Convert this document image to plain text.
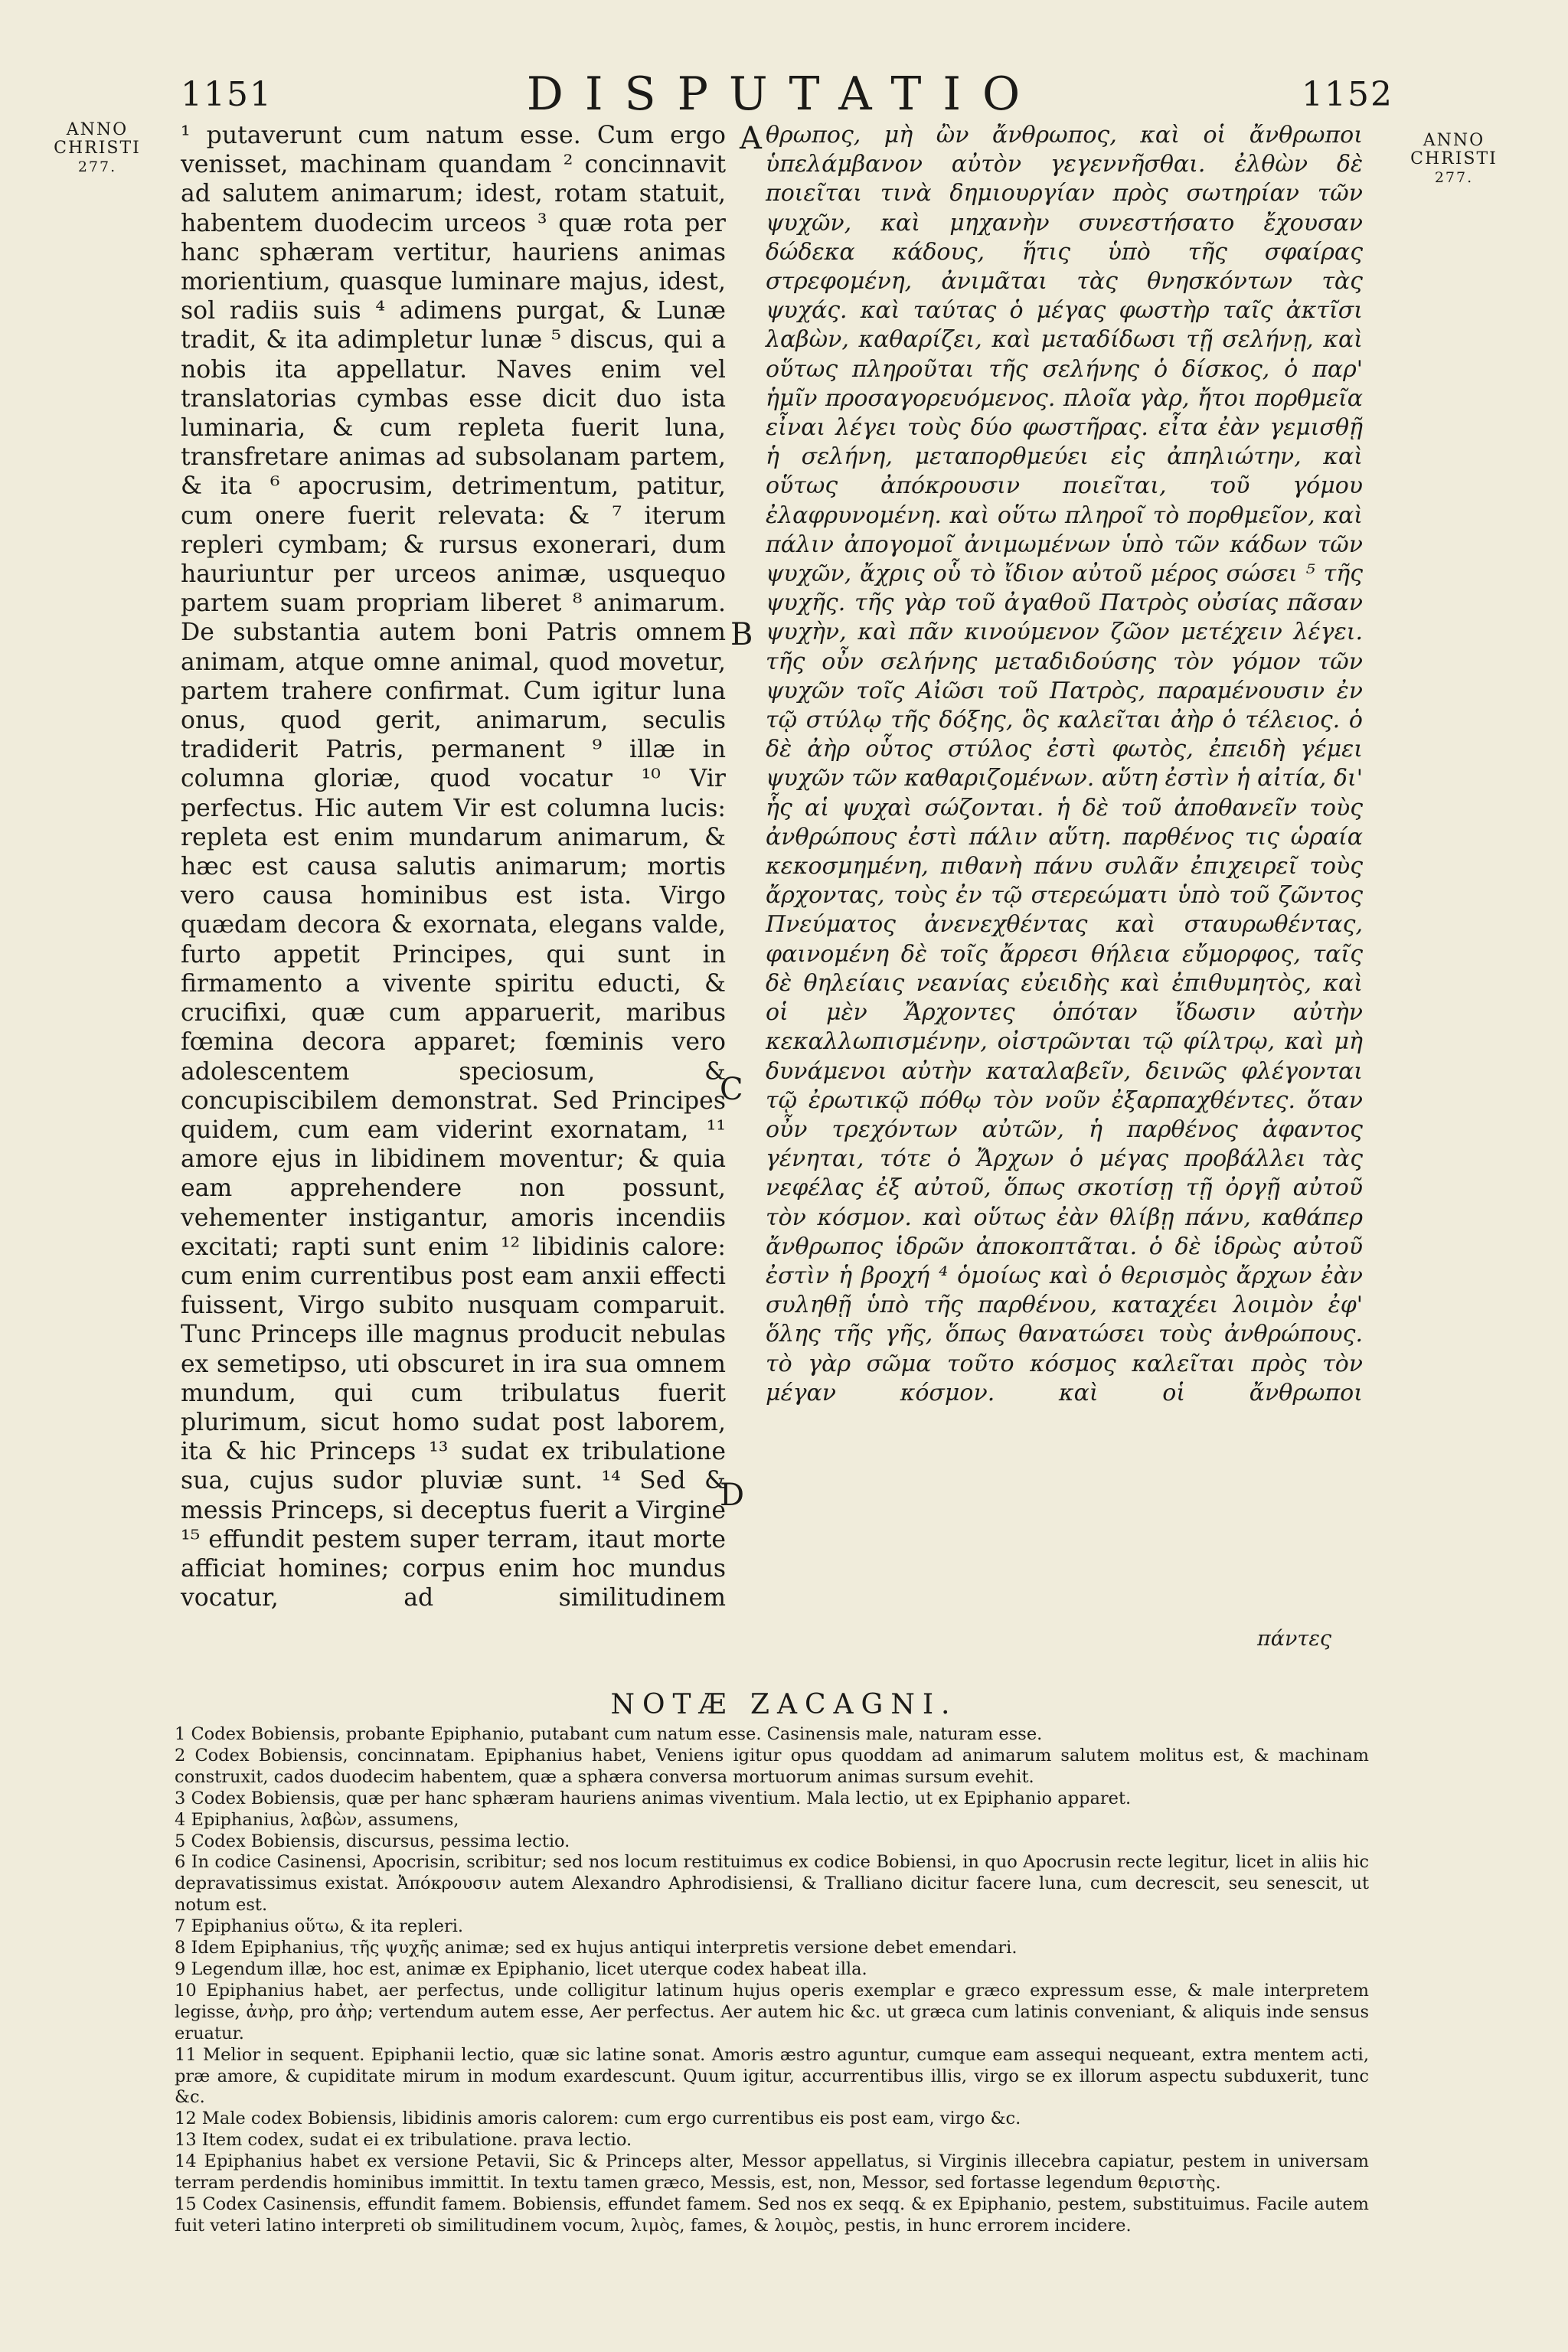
1151	DISPUTATIO	1152
ANNO
CHRISTI
277.
ANNO
CHRISTI
277.

¹ putaverunt cum natum esse. Cum ergo venisset, machinam quandam ² concinnavit ad salutem animarum; idest, rotam statuit, habentem duodecim urceos ³ quæ rota per hanc sphæram vertitur, hauriens animas morientium, quasque luminare majus, idest, sol radiis suis ⁴ adimens purgat, & Lunæ tradit, & ita adimpletur lunæ ⁵ discus, qui a nobis ita appellatur. Naves enim vel translatorias cymbas esse dicit duo ista luminaria, & cum repleta fuerit luna, transfretare animas ad subsolanam partem, & ita ⁶ apocrusim, detrimentum, patitur, cum onere fuerit relevata: & ⁷ iterum repleri cymbam; & rursus exonerari, dum hauriuntur per urceos animæ, usquequo partem suam propriam liberet ⁸ animarum. De substantia autem boni Patris omnem animam, atque omne animal, quod movetur, partem trahere confirmat. Cum igitur luna onus, quod gerit, animarum, seculis tradiderit Patris, permanent ⁹ illæ in columna gloriæ, quod vocatur ¹⁰ Vir perfectus. Hic autem Vir est columna lucis: repleta est enim mundarum animarum, & hæc est causa salutis animarum; mortis vero causa hominibus est ista. Virgo quædam decora & exornata, elegans valde, furto appetit Principes, qui sunt in firmamento a vivente spiritu educti, & crucifixi, quæ cum apparuerit, maribus fœmina decora apparet; fœminis vero adolescentem speciosum, & concupiscibilem demonstrat. Sed Principes quidem, cum eam viderint exornatam, ¹¹ amore ejus in libidinem moventur; & quia eam apprehendere non possunt, vehementer instigantur, amoris incendiis excitati; rapti sunt enim ¹² libidinis calore: cum enim currentibus post eam anxii effecti fuissent, Virgo subito nusquam comparuit. Tunc Princeps ille magnus producit nebulas ex semetipso, uti obscuret in ira sua omnem mundum, qui cum tribulatus fuerit plurimum, sicut homo sudat post laborem, ita & hic Princeps ¹³ sudat ex tribulatione sua, cujus sudor pluviæ sunt. ¹⁴ Sed & messis Princeps, si deceptus fuerit a Virgine ¹⁵ effundit pestem super terram, itaut morte afficiat homines; corpus enim hoc mundus vocatur, ad similitudinem

A
B
C
D

θρωπος, μὴ ὢν ἄνθρωπος, καὶ οἱ ἄνθρωποι ὑπελάμβανον αὐτὸν γεγεννῆσθαι. ἐλθὼν δὲ ποιεῖται τινὰ δημιουργίαν πρὸς σωτηρίαν τῶν ψυχῶν, καὶ μηχανὴν συνεστήσατο ἔχουσαν δώδεκα κάδους, ἥτις ὑπὸ τῆς σφαίρας στρεφομένη, ἀνιμᾶται τὰς θνησκόντων τὰς ψυχάς. καὶ ταύτας ὁ μέγας φωστὴρ ταῖς ἀκτῖσι λαβὼν, καθαρίζει, καὶ μεταδίδωσι τῇ σελήνῃ, καὶ οὕτως πληροῦται τῆς σελήνης ὁ δίσκος, ὁ παρ' ἡμῖν προσαγορευόμενος. πλοῖα γὰρ, ἤτοι πορθμεῖα εἶναι λέγει τοὺς δύο φωστῆρας. εἶτα ἐὰν γεμισθῇ ἡ σελήνη, μεταπορθμεύει εἰς ἀπηλιώτην, καὶ οὕτως ἀπόκρουσιν ποιεῖται, τοῦ γόμου ἐλαφρυνομένη. καὶ οὕτω πληροῖ τὸ πορθμεῖον, καὶ πάλιν ἀπογομοῖ ἀνιμωμένων ὑπὸ τῶν κάδων τῶν ψυχῶν, ἄχρις οὗ τὸ ἴδιον αὐτοῦ μέρος σώσει ⁵ τῆς ψυχῆς. τῆς γὰρ τοῦ ἀγαθοῦ Πατρὸς οὐσίας πᾶσαν ψυχὴν, καὶ πᾶν κινούμενον ζῶον μετέχειν λέγει. τῆς οὖν σελήνης μεταδιδούσης τὸν γόμον τῶν ψυχῶν τοῖς Αἰῶσι τοῦ Πατρὸς, παραμένουσιν ἐν τῷ στύλῳ τῆς δόξης, ὃς καλεῖται ἀὴρ ὁ τέλειος. ὁ δὲ ἀὴρ οὗτος στύλος ἐστὶ φωτὸς, ἐπειδὴ γέμει ψυχῶν τῶν καθαριζομένων. αὕτη ἐστὶν ἡ αἰτία, δι' ἧς αἱ ψυχαὶ σώζονται. ἡ δὲ τοῦ ἀποθανεῖν τοὺς ἀνθρώπους ἐστὶ πάλιν αὕτη. παρθένος τις ὡραία κεκοσμημένη, πιθανὴ πάνυ συλᾶν ἐπιχειρεῖ τοὺς ἄρχοντας, τοὺς ἐν τῷ στερεώματι ὑπὸ τοῦ ζῶντος Πνεύματος ἀνενεχθέντας καὶ σταυρωθέντας, φαινομένη δὲ τοῖς ἄρρεσι θήλεια εὔμορφος, ταῖς δὲ θηλείαις νεανίας εὐειδὴς καὶ ἐπιθυμητὸς, καὶ οἱ μὲν Ἄρχοντες ὁπόταν ἴδωσιν αὐτὴν κεκαλλωπισμένην, οἰστρῶνται τῷ φίλτρῳ, καὶ μὴ δυνάμενοι αὐτὴν καταλαβεῖν, δεινῶς φλέγονται τῷ ἐρωτικῷ πόθῳ τὸν νοῦν ἐξαρπαχθέντες. ὅταν οὖν τρεχόντων αὐτῶν, ἡ παρθένος ἀφαντος γένηται, τότε ὁ Ἄρχων ὁ μέγας προβάλλει τὰς νεφέλας ἐξ αὐτοῦ, ὅπως σκοτίσῃ τῇ ὀργῇ αὐτοῦ τὸν κόσμον. καὶ οὕτως ἐὰν θλίβῃ πάνυ, καθάπερ ἄνθρωπος ἱδρῶν ἀποκοπτᾶται. ὁ δὲ ἱδρὼς αὐτοῦ ἐστὶν ἡ βροχή ⁴ ὁμοίως καὶ ὁ θερισμὸς ἄρχων ἐὰν συληθῇ ὑπὸ τῆς παρθένου, καταχέει λοιμὸν ἐφ' ὅλης τῆς γῆς, ὅπως θανατώσει τοὺς ἀνθρώπους. τὸ γὰρ σῶμα τοῦτο κόσμος καλεῖται πρὸς τὸν μέγαν κόσμον. καὶ οἱ ἄνθρωποι

πάντες
NOTÆ ZACAGNI.

1 Codex Bobiensis, probante Epiphanio, putabant cum natum esse. Casinensis male, naturam esse.

2 Codex Bobiensis, concinnatam. Epiphanius habet, Veniens igitur opus quoddam ad animarum salutem molitus est, & machinam construxit, cados duodecim habentem, quæ a sphæra conversa mortuorum animas sursum evehit.

3 Codex Bobiensis, quæ per hanc sphæram hauriens animas viventium. Mala lectio, ut ex Epiphanio apparet.

4 Epiphanius, λαβὼν, assumens,

5 Codex Bobiensis, discursus, pessima lectio.

6 In codice Casinensi, Apocrisin, scribitur; sed nos locum restituimus ex codice Bobiensi, in quo Apocrusin recte legitur, licet in aliis hic depravatissimus existat. Ἀπόκρουσιν autem Alexandro Aphrodisiensi, & Tralliano dicitur facere luna, cum decrescit, seu senescit, ut notum est.

7 Epiphanius οὕτω, & ita repleri.

8 Idem Epiphanius, τῆς ψυχῆς animæ; sed ex hujus antiqui interpretis versione debet emendari.

9 Legendum illæ, hoc est, animæ ex Epiphanio, licet uterque codex habeat illa.

10 Epiphanius habet, aer perfectus, unde colligitur latinum hujus operis exemplar e græco expressum esse, & male interpretem legisse, ἀνὴρ, pro ἀὴρ; vertendum autem esse, Aer perfectus. Aer autem hic &c. ut græca cum latinis conveniant, & aliquis inde sensus eruatur.

11 Melior in sequent. Epiphanii lectio, quæ sic latine sonat. Amoris æstro aguntur, cumque eam assequi nequeant, extra mentem acti, præ amore, & cupiditate mirum in modum exardescunt. Quum igitur, accurrentibus illis, virgo se ex illorum aspectu subduxerit, tunc &c.

12 Male codex Bobiensis, libidinis amoris calorem: cum ergo currentibus eis post eam, virgo &c.

13 Item codex, sudat ei ex tribulatione. prava lectio.

14 Epiphanius habet ex versione Petavii, Sic & Princeps alter, Messor appellatus, si Virginis illecebra capiatur, pestem in universam terram perdendis hominibus immittit. In textu tamen græco, Messis, est, non, Messor, sed fortasse legendum θεριστὴς.

15 Codex Casinensis, effundit famem. Bobiensis, effundet famem. Sed nos ex seqq. & ex Epiphanio, pestem, substituimus. Facile autem fuit veteri latino interpreti ob similitudinem vocum, λιμὸς, fames, & λοιμὸς, pestis, in hunc errorem incidere.
